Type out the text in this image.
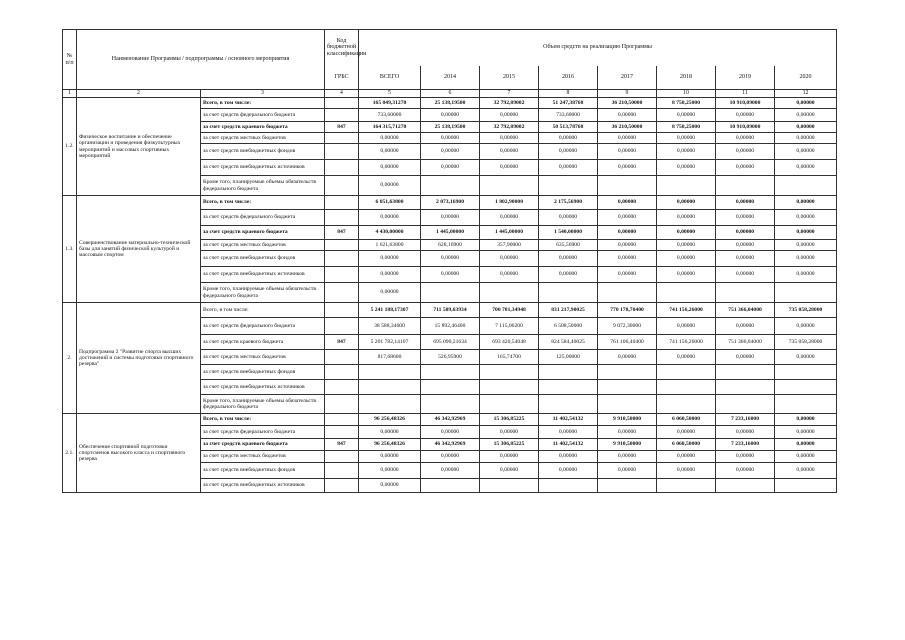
№ п/п	Наименование Программы / подпрограммы / основного мероприятия		Код бюджетной классификации	Объем средств на реализацию Программы							
			ГРБС	ВСЕГО	2014	2015	2016	2017	2018	2019	2020
1	2	3	4	5	6	7	8	9	10	11	12
1.2.	Физическое воспитание и обеспечение организации и проведения физкультурных мероприятий и массовых спортивных мероприятий	Всего, в том числе:		165 049,31270	25 138,19500	32 792,89002	51 247,38768	36 210,50000	8 750,25000	10 910,09000	0,00000
		за счет средств федерального бюджета		733,60000	0,00000	0,00000	733,60000	0,00000	0,00000	0,00000	0,00000
		за счет средств краевого бюджета	847	164 315,71270	25 138,19500	32 792,89002	50 513,78768	36 210,50000	8 750,25000	10 910,09000	0,00000
		за счет средств местных бюджетов		0,00000	0,00000	0,00000	0,00000	0,00000	0,00000	0,00000	0,00000
		за счет средств внебюджетных фондов		0,00000	0,00000	0,00000	0,00000	0,00000	0,00000	0,00000	0,00000
		за счет средств внебюджетных источников		0,00000	0,00000	0,00000	0,00000	0,00000	0,00000	0,00000	0,00000
		Кроме того, планируемые объемы обязательств федерального бюджета		0,00000							
1.3.	Совершенствование материально-технической базы для занятий физической культурой и массовым спортом	Всего, в том числе:		6 051,63800	2 073,16900	1 802,90000	2 175,56900	0,00000	0,00000	0,00000	0,00000
		за счет средств федерального бюджета		0,00000	0,00000	0,00000	0,00000	0,00000	0,00000	0,00000	0,00000
		за счет средств краевого бюджета	847	4 430,00000	1 445,00000	1 445,00000	1 540,00000	0,00000	0,00000	0,00000	0,00000
		за счет средств местных бюджетов		1 621,63800	628,16900	357,90000	635,56900	0,00000	0,00000	0,00000	0,00000
		за счет средств внебюджетных фондов		0,00000	0,00000	0,00000	0,00000	0,00000	0,00000	0,00000	0,00000
		за счет средств внебюджетных источников		0,00000	0,00000	0,00000	0,00000	0,00000	0,00000	0,00000	0,00000
		Кроме того, планируемые объемы обязательств федерального бюджета		0,00000							
2.	Подпрограмма 2 "Развитие спорта высших достижений и системы подготовки спортивного резерва"	Всего, в том числе:		5 241 188,17307	711 509,63934	700 701,34948	831 217,90025	770 178,70400	741 156,26000	751 366,04000	735 058,28000
		за счет средств федерального бюджета		38 588,34600	15 892,46400	7 115,06200	6 508,50000	9 072,30000	0,00000	0,00000	0,00000
		за счет средств краевого бюджета	847	5 201 782,14107	695 090,21634	693 420,54048	824 584,40025	761 106,40400	741 156,26000	751 366,04000	735 058,28000
		за счет средств местных бюджетов		817,68600	526,95900	165,74700	125,00000	0,00000	0,00000	0,00000	0,00000
		за счет средств внебюджетных фондов									
		за счет средств внебюджетных источников									
		Кроме того, планируемые объемы обязательств федерального бюджета									
2.1.	Обеспечение спортивной подготовки спортсменов высокого класса и спортивного резерва	Всего, в том числе:		96 256,48326	46 342,92969	15 306,85225	11 402,54132	9 910,50000	6 060,50000	7 233,16000	0,00000
		за счет средств федерального бюджета		0,00000	0,00000	0,00000	0,00000	0,00000	0,00000	0,00000	0,00000
		за счет средств краевого бюджета	847	96 256,48326	46 342,92969	15 306,85225	11 402,54132	9 910,50000	6 060,50000	7 233,16000	0,00000
		за счет средств местных бюджетов		0,00000	0,00000	0,00000	0,00000	0,00000	0,00000	0,00000	0,00000
		за счет средств внебюджетных фондов		0,00000	0,00000	0,00000	0,00000	0,00000	0,00000	0,00000	0,00000
		за счет средств внебюджетных источников		0,00000							
